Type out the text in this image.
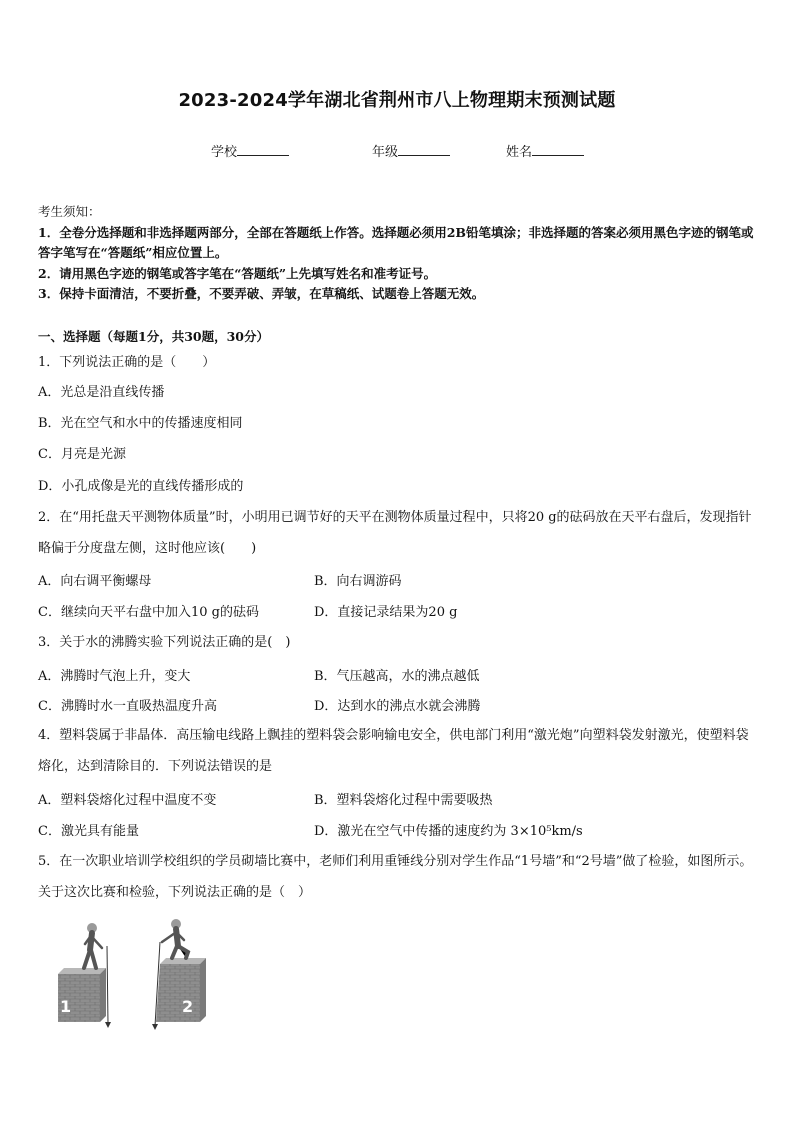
2023-2024学年湖北省荆州市八上物理期末预测试题
学校	年级	姓名
考生须知：
1．全卷分选择题和非选择题两部分，全部在答题纸上作答。选择题必须用2B铅笔填涂；非选择题的答案必须用黑色字迹的钢笔或答字笔写在“答题纸”相应位置上。
2．请用黑色字迹的钢笔或答字笔在“答题纸”上先填写姓名和准考证号。
3．保持卡面清洁，不要折叠，不要弄破、弄皱，在草稿纸、试题卷上答题无效。
一、选择题（每题1分，共30题，30分）
1．下列说法正确的是（　　）
A．光总是沿直线传播
B．光在空气和水中的传播速度相同
C．月亮是光源
D．小孔成像是光的直线传播形成的
2．在“用托盘天平测物体质量”时，小明用已调节好的天平在测物体质量过程中，只将20 g的砝码放在天平右盘后，发现指针略偏于分度盘左侧，这时他应该(　　)
A．向右调平衡螺母	B．向右调游码
C．继续向天平右盘中加入10 g的砝码	D．直接记录结果为20 g
3．关于水的沸腾实验下列说法正确的是(　)
A．沸腾时气泡上升，变大	B．气压越高，水的沸点越低
C．沸腾时水一直吸热温度升高	D．达到水的沸点水就会沸腾
4．塑料袋属于非晶体．高压输电线路上飘挂的塑料袋会影响输电安全，供电部门利用“激光炮”向塑料袋发射激光，使塑料袋熔化，达到清除目的．下列说法错误的是
A．塑料袋熔化过程中温度不变	B．塑料袋熔化过程中需要吸热
C．激光具有能量	D．激光在空气中传播的速度约为 3×10⁵km/s
5．在一次职业培训学校组织的学员砌墙比赛中，老师们利用重锤线分别对学生作品“1号墙”和“2号墙”做了检验，如图所示。关于这次比赛和检验，下列说法正确的是（　）
1	2
